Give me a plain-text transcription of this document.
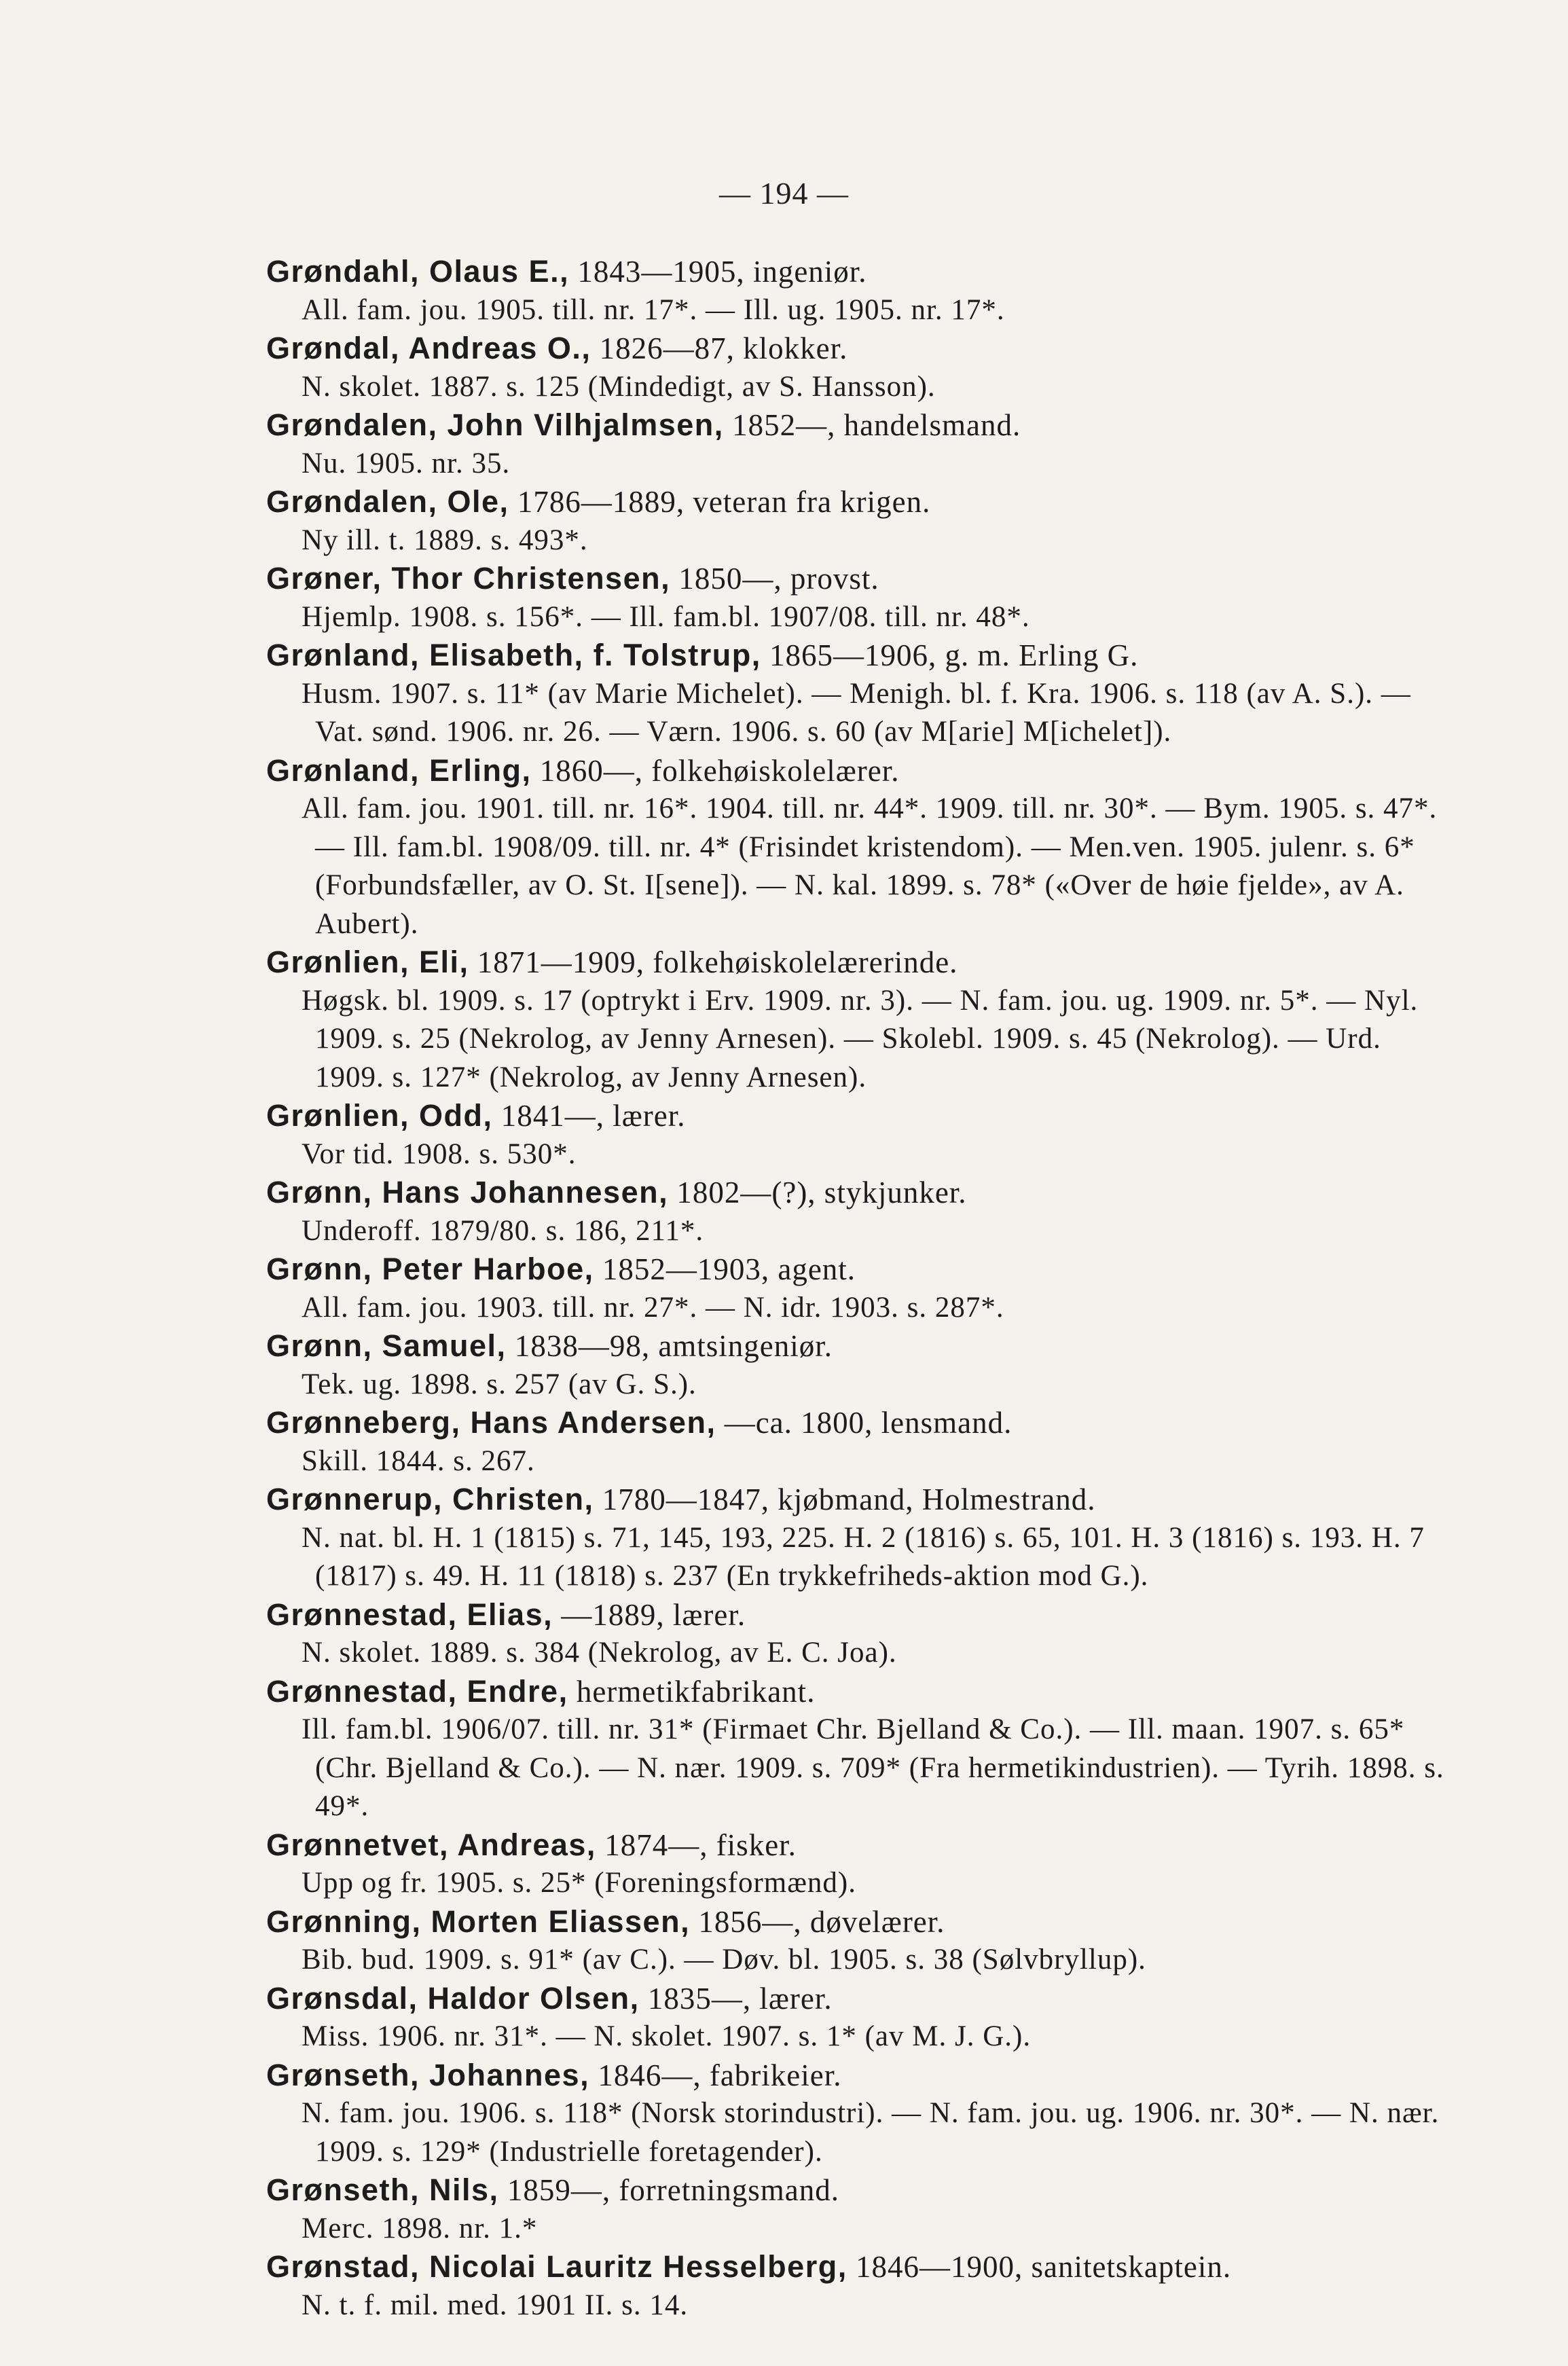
— 194 —

Grøndahl, Olaus E., 1843—1905, ingeniør.

All. fam. jou. 1905. till. nr. 17*. — Ill. ug. 1905. nr. 17*.

Grøndal, Andreas O., 1826—87, klokker.

N. skolet. 1887. s. 125 (Mindedigt, av S. Hansson).

Grøndalen, John Vilhjalmsen, 1852—, handelsmand.

Nu. 1905. nr. 35.

Grøndalen, Ole, 1786—1889, veteran fra krigen.

Ny ill. t. 1889. s. 493*.

Grøner, Thor Christensen, 1850—, provst.

Hjemlp. 1908. s. 156*. — Ill. fam.bl. 1907/08. till. nr. 48*.

Grønland, Elisabeth, f. Tolstrup, 1865—1906, g. m. Erling G.

Husm. 1907. s. 11* (av Marie Michelet). — Menigh. bl. f. Kra. 1906. s. 118 (av A. S.). — Vat. sønd. 1906. nr. 26. — Værn. 1906. s. 60 (av M[arie] M[ichelet]).

Grønland, Erling, 1860—, folkehøiskolelærer.

All. fam. jou. 1901. till. nr. 16*. 1904. till. nr. 44*. 1909. till. nr. 30*. — Bym. 1905. s. 47*. — Ill. fam.bl. 1908/09. till. nr. 4* (Frisindet kristendom). — Men.ven. 1905. julenr. s. 6* (Forbundsfæller, av O. St. I[sene]). — N. kal. 1899. s. 78* («Over de høie fjelde», av A. Aubert).

Grønlien, Eli, 1871—1909, folkehøiskolelærerinde.

Høgsk. bl. 1909. s. 17 (optrykt i Erv. 1909. nr. 3). — N. fam. jou. ug. 1909. nr. 5*. — Nyl. 1909. s. 25 (Nekrolog, av Jenny Arnesen). — Skolebl. 1909. s. 45 (Nekrolog). — Urd. 1909. s. 127* (Nekrolog, av Jenny Arnesen).

Grønlien, Odd, 1841—, lærer.

Vor tid. 1908. s. 530*.

Grønn, Hans Johannesen, 1802—(?), stykjunker.

Underoff. 1879/80. s. 186, 211*.

Grønn, Peter Harboe, 1852—1903, agent.

All. fam. jou. 1903. till. nr. 27*. — N. idr. 1903. s. 287*.

Grønn, Samuel, 1838—98, amtsingeniør.

Tek. ug. 1898. s. 257 (av G. S.).

Grønneberg, Hans Andersen, —ca. 1800, lensmand.

Skill. 1844. s. 267.

Grønnerup, Christen, 1780—1847, kjøbmand, Holmestrand.

N. nat. bl. H. 1 (1815) s. 71, 145, 193, 225. H. 2 (1816) s. 65, 101. H. 3 (1816) s. 193. H. 7 (1817) s. 49. H. 11 (1818) s. 237 (En trykkefriheds-aktion mod G.).

Grønnestad, Elias, —1889, lærer.

N. skolet. 1889. s. 384 (Nekrolog, av E. C. Joa).

Grønnestad, Endre, hermetikfabrikant.

Ill. fam.bl. 1906/07. till. nr. 31* (Firmaet Chr. Bjelland & Co.). — Ill. maan. 1907. s. 65* (Chr. Bjelland & Co.). — N. nær. 1909. s. 709* (Fra hermetikindustrien). — Tyrih. 1898. s. 49*.

Grønnetvet, Andreas, 1874—, fisker.

Upp og fr. 1905. s. 25* (Foreningsformænd).

Grønning, Morten Eliassen, 1856—, døvelærer.

Bib. bud. 1909. s. 91* (av C.). — Døv. bl. 1905. s. 38 (Sølvbryllup).

Grønsdal, Haldor Olsen, 1835—, lærer.

Miss. 1906. nr. 31*. — N. skolet. 1907. s. 1* (av M. J. G.).

Grønseth, Johannes, 1846—, fabrikeier.

N. fam. jou. 1906. s. 118* (Norsk storindustri). — N. fam. jou. ug. 1906. nr. 30*. — N. nær. 1909. s. 129* (Industrielle foretagender).

Grønseth, Nils, 1859—, forretningsmand.

Merc. 1898. nr. 1.*

Grønstad, Nicolai Lauritz Hesselberg, 1846—1900, sanitetskaptein.

N. t. f. mil. med. 1901 II. s. 14.
